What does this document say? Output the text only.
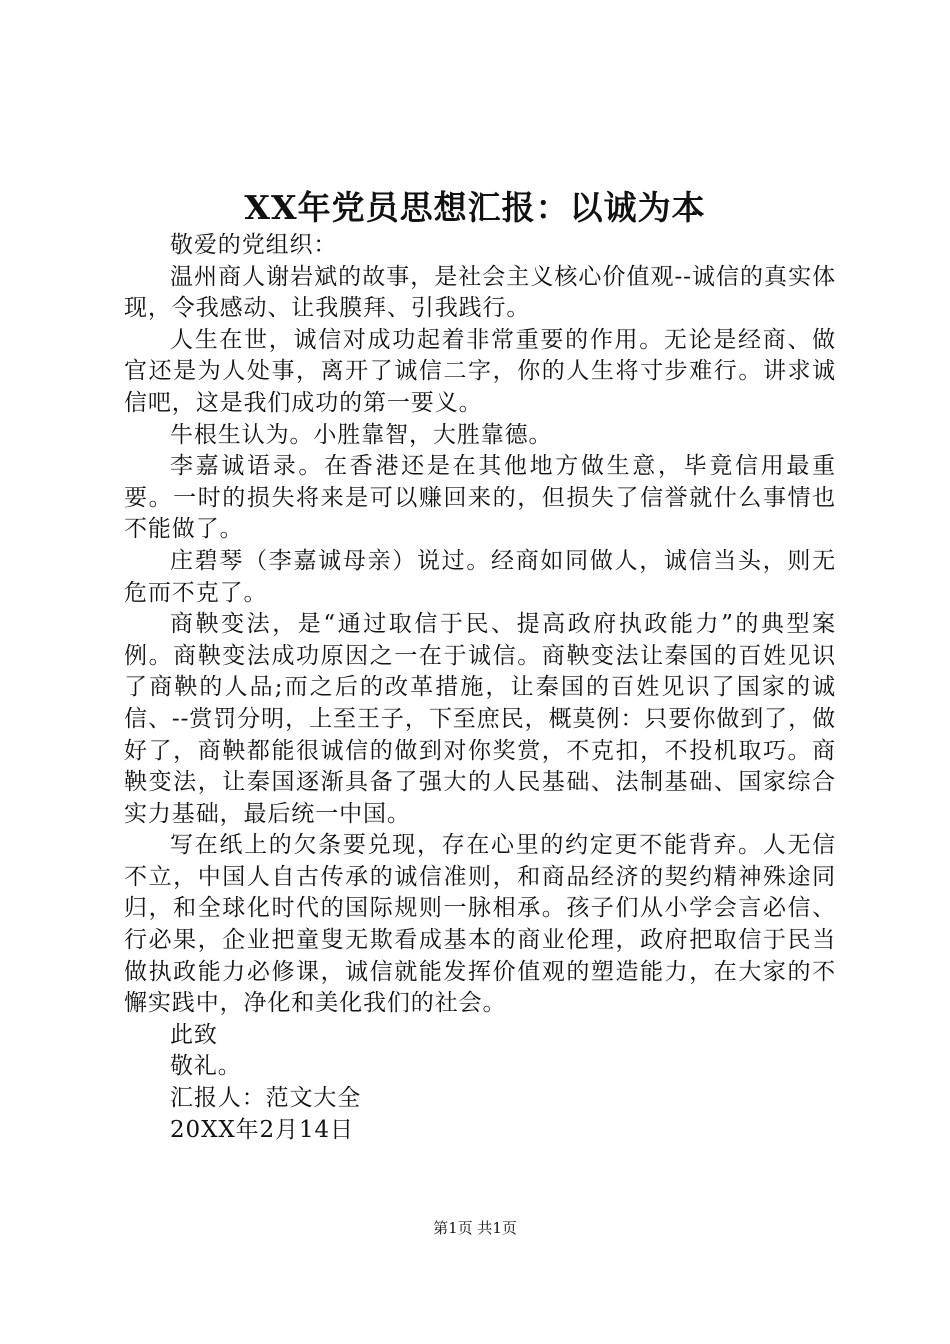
XX年党员思想汇报：以诚为本

敬爱的党组织：

温州商人谢岩斌的故事，是社会主义核心价值观--诚信的真实体现，令我感动、让我膜拜、引我践行。

人生在世，诚信对成功起着非常重要的作用。无论是经商、做官还是为人处事，离开了诚信二字，你的人生将寸步难行。讲求诚信吧，这是我们成功的第一要义。

牛根生认为。小胜靠智，大胜靠德。

李嘉诚语录。在香港还是在其他地方做生意，毕竟信用最重要。一时的损失将来是可以赚回来的，但损失了信誉就什么事情也不能做了。

庄碧琴（李嘉诚母亲）说过。经商如同做人，诚信当头，则无危而不克了。

商鞅变法，是“通过取信于民、提高政府执政能力”的典型案例。商鞅变法成功原因之一在于诚信。商鞅变法让秦国的百姓见识了商鞅的人品;而之后的改革措施，让秦国的百姓见识了国家的诚信、--赏罚分明，上至王子，下至庶民，概莫例：只要你做到了，做好了，商鞅都能很诚信的做到对你奖赏，不克扣，不投机取巧。商鞅变法，让秦国逐渐具备了强大的人民基础、法制基础、国家综合实力基础，最后统一中国。

写在纸上的欠条要兑现，存在心里的约定更不能背弃。人无信不立，中国人自古传承的诚信准则，和商品经济的契约精神殊途同归，和全球化时代的国际规则一脉相承。孩子们从小学会言必信、行必果，企业把童叟无欺看成基本的商业伦理，政府把取信于民当做执政能力必修课，诚信就能发挥价值观的塑造能力，在大家的不懈实践中，净化和美化我们的社会。

此致

敬礼。

汇报人：范文大全

20XX年2月14日

第1页 共1页
